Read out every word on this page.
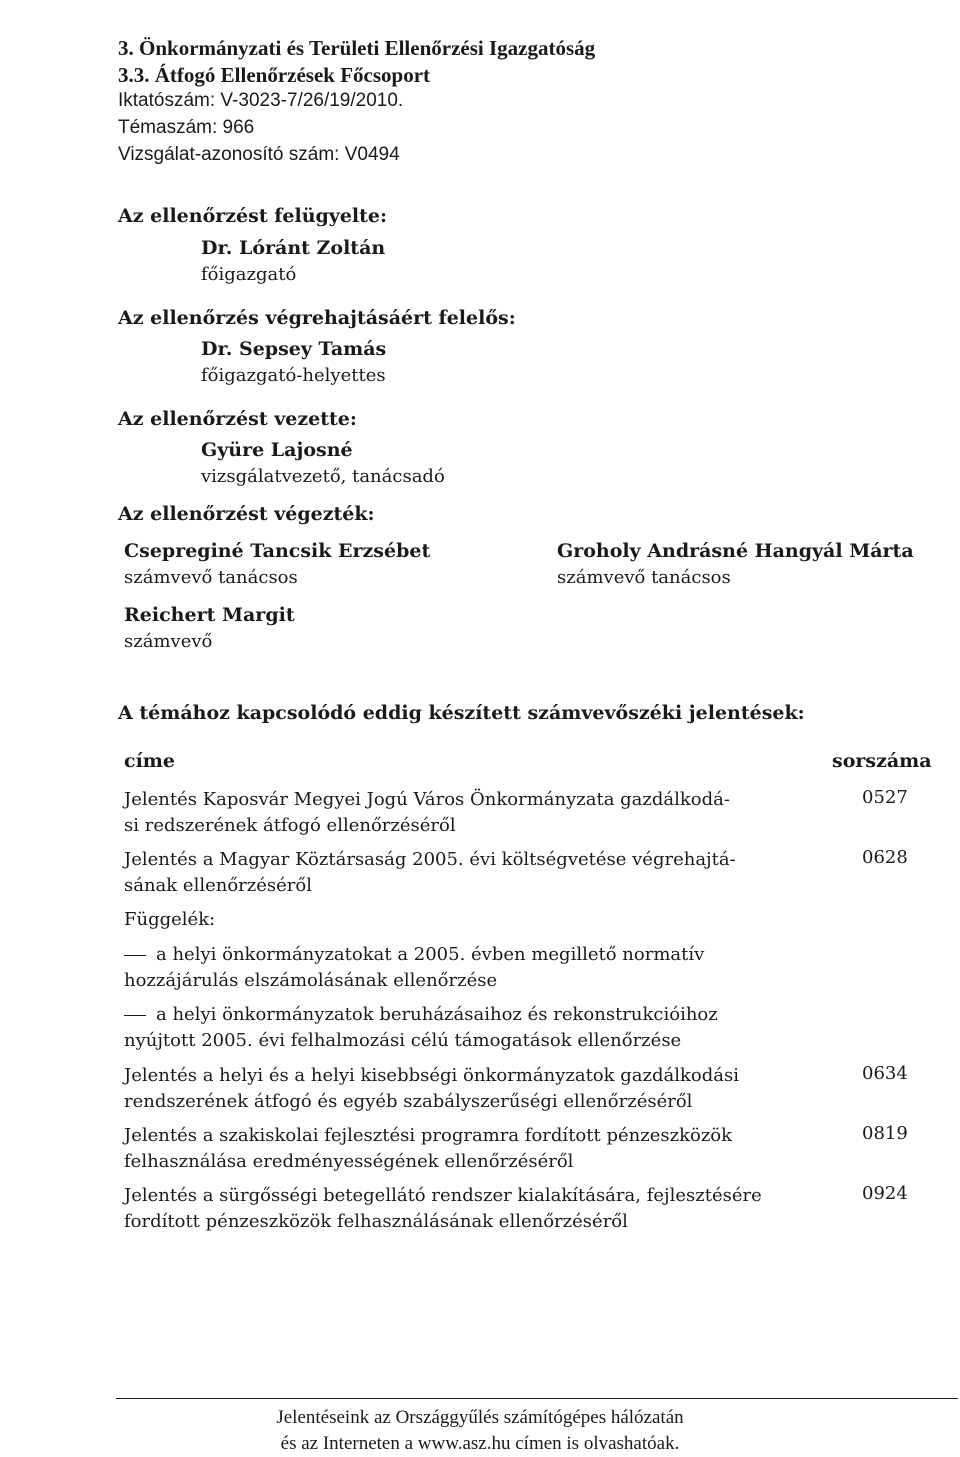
3. Önkormányzati és Területi Ellenőrzési Igazgatóság
3.3. Átfogó Ellenőrzések Főcsoport
Iktatószám: V-3023-7/26/19/2010.
Témaszám: 966
Vizsgálat-azonosító szám: V0494
Az ellenőrzést felügyelte:
Dr. Lóránt Zoltán
főigazgató
Az ellenőrzés végrehajtásáért felelős:
Dr. Sepsey Tamás
főigazgató-helyettes
Az ellenőrzést vezette:
Gyüre Lajosné
vizsgálatvezető, tanácsadó
Az ellenőrzést végezték:
Csepreginé Tancsik Erzsébet
számvevő tanácsos
Groholy Andrásné Hangyál Márta
számvevő tanácsos
Reichert Margit
számvevő
A témához kapcsolódó eddig készített számvevőszéki jelentések:
címe	sorszáma
Jelentés Kaposvár Megyei Jogú Város Önkormányzata gazdálkodá-
si redszerének átfogó ellenőrzéséről
0527
Jelentés a Magyar Köztársaság 2005. évi költségvetése végrehajtá-
sának ellenőrzéséről
0628
Függelék:
a helyi önkormányzatokat a 2005. évben megillető normatív
hozzájárulás elszámolásának ellenőrzése
a helyi önkormányzatok beruházásaihoz és rekonstrukcióihoz
nyújtott 2005. évi felhalmozási célú támogatások ellenőrzése
Jelentés a helyi és a helyi kisebbségi önkormányzatok gazdálkodási
rendszerének átfogó és egyéb szabályszerűségi ellenőrzéséről
0634
Jelentés a szakiskolai fejlesztési programra fordított pénzeszközök
felhasználása eredményességének ellenőrzéséről
0819
Jelentés a sürgősségi betegellátó rendszer kialakítására, fejlesztésére
fordított pénzeszközök felhasználásának ellenőrzéséről
0924
Jelentéseink az Országgyűlés számítógépes hálózatán
és az Interneten a www.asz.hu címen is olvashatóak.
